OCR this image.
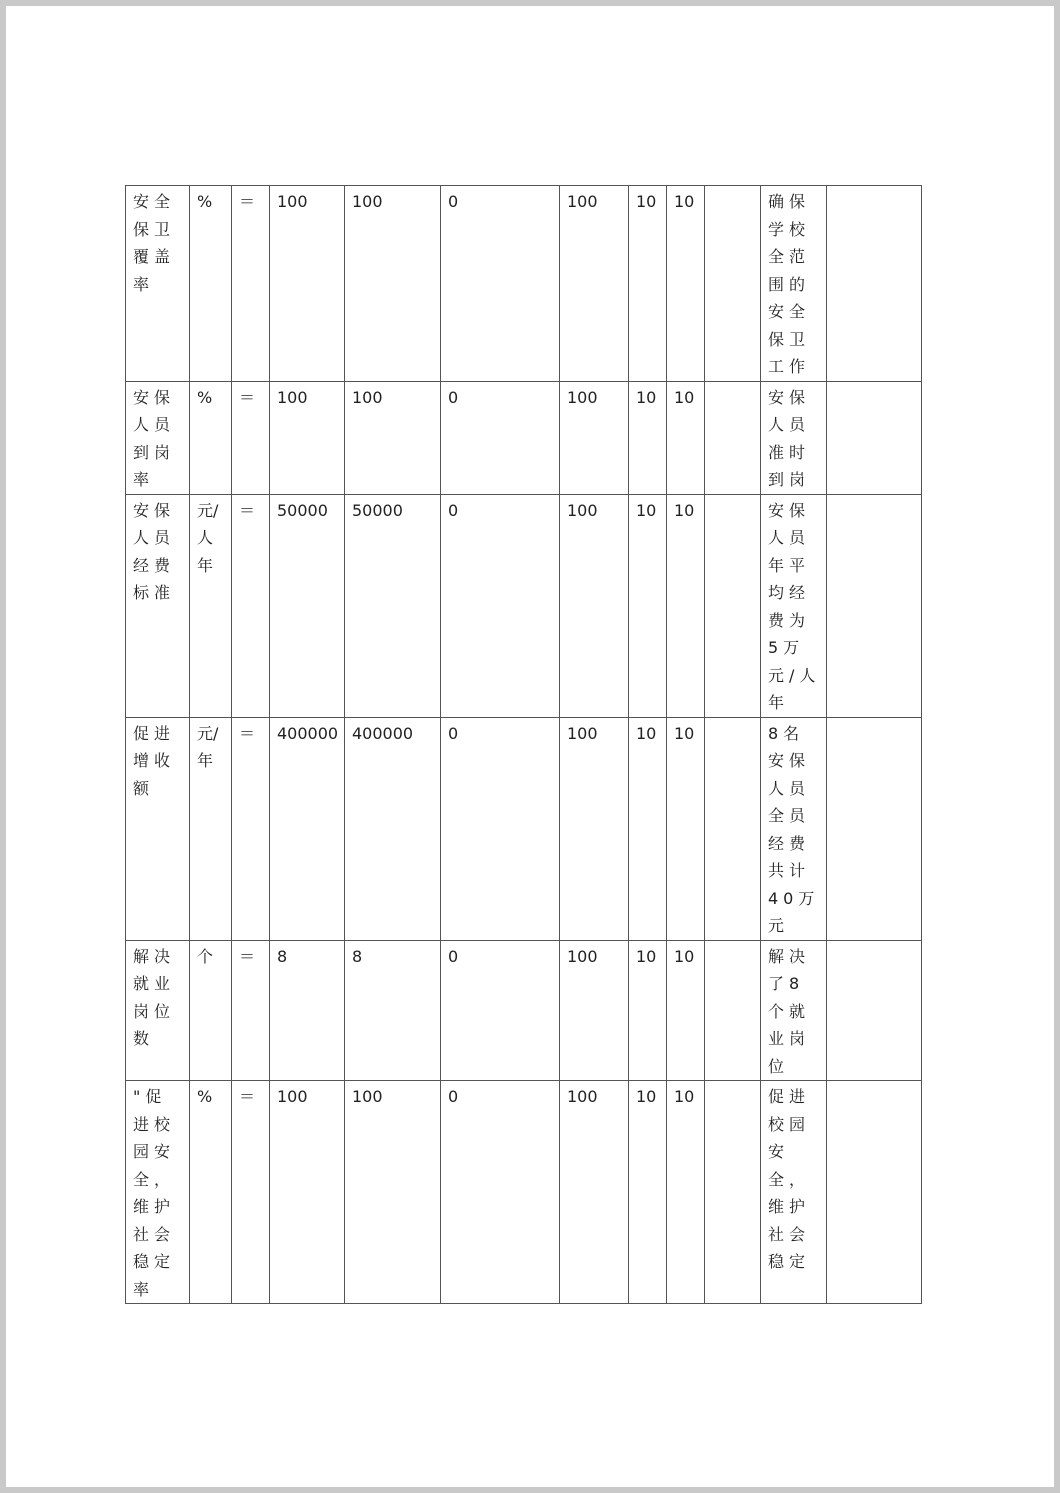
安全保卫覆盖率	%	＝	100	100	0	100	10	10		确保学校全范围的安全保卫工作	
安保人员到岗率	%	＝	100	100	0	100	10	10		安保人员准时到岗	
安保人员经费标准	元/人年	＝	50000	50000	0	100	10	10		安保人员年平均经费为5万元/人年	
促进增收额	元/年	＝	400000	400000	0	100	10	10		8名安保人员全员经费共计40万元	
解决就业岗位数	个	＝	8	8	0	100	10	10		解决了8个就业岗位	
"促进校园安全，维护社会稳定率	%	＝	100	100	0	100	10	10		促进校园安全，维护社会稳定	
